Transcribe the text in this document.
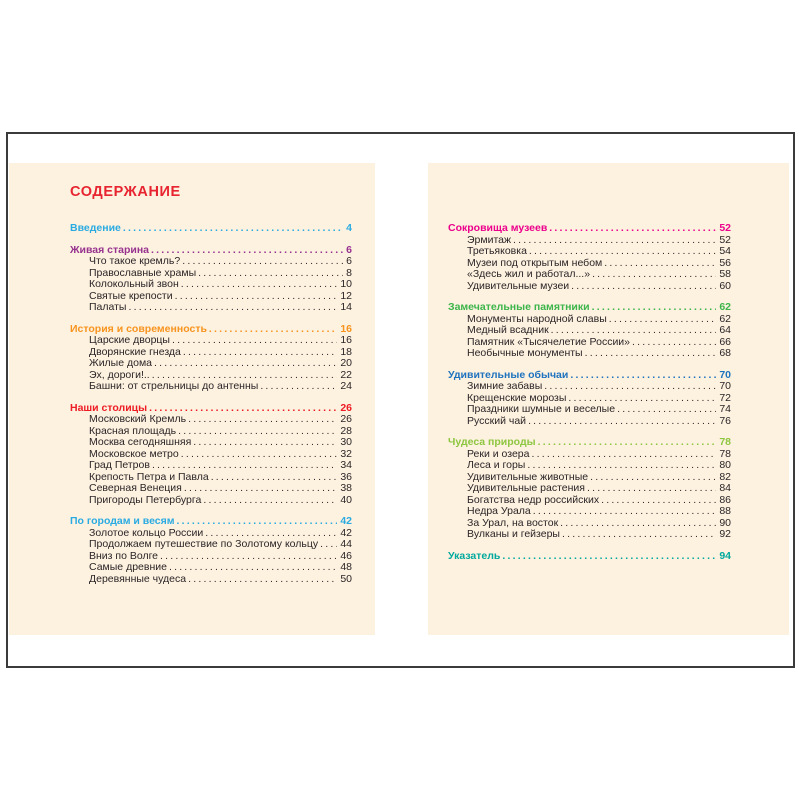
СОДЕРЖАНИЕ
Введение .....	4
Живая старина .....	6
Что такое кремль? .....	6
Православные храмы .....	8
Колокольный звон .....	10
Святые крепости .....	12
Палаты .....	14
История и современность .....	16
Царские дворцы .....	16
Дворянские гнезда .....	18
Жилые дома .....	20
Эх, дороги!.. .....	22
Башни: от стрельницы до антенны .....	24
Наши столицы .....	26
Московский Кремль .....	26
Красная площадь .....	28
Москва сегодняшняя .....	30
Московское метро .....	32
Град Петров .....	34
Крепость Петра и Павла .....	36
Северная Венеция .....	38
Пригороды Петербурга .....	40
По городам и весям .....	42
Золотое кольцо России .....	42
Продолжаем путешествие по Золотому кольцу ..... 44
Вниз по Волге .....	46
Самые древние .....	48
Деревянные чудеса .....	50
Сокровища музеев .....	52
Эрмитаж .....	52
Третьяковка .....	54
Музеи под открытым небом .....	56
«Здесь жил и работал...» .....	58
Удивительные музеи .....	60
Замечательные памятники .....	62
Монументы народной славы .....	62
Медный всадник .....	64
Памятник «Тысячелетие России» .....	66
Необычные монументы .....	68
Удивительные обычаи .....	70
Зимние забавы .....	70
Крещенские морозы .....	72
Праздники шумные и веселые .....	74
Русский чай .....	76
Чудеса природы .....	78
Реки и озера .....	78
Леса и горы .....	80
Удивительные животные .....	82
Удивительные растения .....	84
Богатства недр российских .....	86
Недра Урала .....	88
За Урал, на восток .....	90
Вулканы и гейзеры .....	92
Указатель .....	94
